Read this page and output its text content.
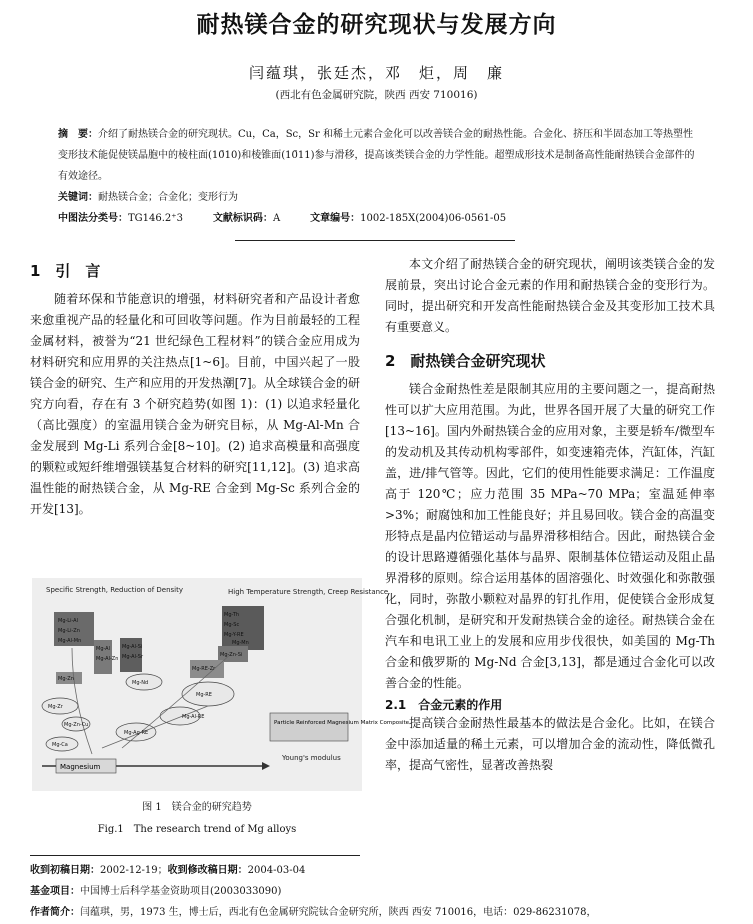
耐热镁合金的研究现状与发展方向
闫蕴琪，张廷杰，邓　炬，周　廉
(西北有色金属研究院，陕西 西安 710016)
摘　要：介绍了耐热镁合金的研究现状。Cu，Ca，Sc，Sr 和稀土元素合金化可以改善镁合金的耐热性能。合金化、挤压和半固态加工等热塑性变形技术能促使镁晶胞中的棱柱面(10̄10)和棱锥面(10̄11)参与滑移，提高该类镁合金的力学性能。超塑成形技术是制备高性能耐热镁合金部件的有效途径。
关键词：耐热镁合金；合金化；变形行为
中图法分类号：TG146.2⁺3	文献标识码：A	文章编号：1002-185X(2004)06-0561-05
1　引　言
随着环保和节能意识的增强，材料研究者和产品设计者愈来愈重视产品的轻量化和可回收等问题。作为目前最轻的工程金属材料，被誉为“21 世纪绿色工程材料”的镁合金应用成为材料研究和应用界的关注热点[1~6]。目前，中国兴起了一股镁合金的研究、生产和应用的开发热潮[7]。从全球镁合金的研究方向看，存在有 3 个研究趋势(如图 1)：(1) 以追求轻量化（高比强度）的室温用镁合金为研究目标，从 Mg-Al-Mn 合金发展到 Mg-Li 系列合金[8~10]。(2) 追求高模量和高强度的颗粒或短纤维增强镁基复合材料的研究[11,12]。(3) 追求高温性能的耐热镁合金，从 Mg-RE 合金到 Mg-Sc 系列合金的开发[13]。
Specific Strength, Reduction of Density	High Temperature Strength, Creep Resistance
Young's modulus
Magnesium
Particle Reinforced Magnesium Matrix Composite
Mg-Li-Al
Mg-Li-Zn
Mg-Al-Mn
Mg-Al
Mg-Al-Zn
Mg-Al-Si
Mg-Al-Sr
Mg-Zn
Mg-Zr
Mg-Zn-Cu
Mg-RE-Zr
Mg-Th
Mg-Sc
Mg-Y-RE
Mg-Zn-Si
Mg-RE
Mg-Al-RE
Mg-Ag-RE
Mg-Ca
Mg-Nd
Mg-Mn
图 1　镁合金的研究趋势
Fig.1　The research trend of Mg alloys
本文介绍了耐热镁合金的研究现状，阐明该类镁合金的发展前景，突出讨论合金元素的作用和耐热镁合金的变形行为。同时，提出研究和开发高性能耐热镁合金及其变形加工技术具有重要意义。
2　耐热镁合金研究现状
镁合金耐热性差是限制其应用的主要问题之一，提高耐热性可以扩大应用范围。为此，世界各国开展了大量的研究工作[13~16]。国内外耐热镁合金的应用对象，主要是轿车/微型车的发动机及其传动机构零部件，如变速箱壳体，汽缸体，汽缸盖，进/排气管等。因此，它们的使用性能要求满足：工作温度高于 120℃；应力范围 35 MPa~70 MPa；室温延伸率>3%；耐腐蚀和加工性能良好；并且易回收。镁合金的高温变形特点是晶内位错运动与晶界滑移相结合。因此，耐热镁合金的设计思路遵循强化基体与晶界、限制基体位错运动及阻止晶界滑移的原则。综合运用基体的固溶强化、时效强化和弥散强化，同时，弥散小颗粒对晶界的钉扎作用，促使镁合金形成复合强化机制，是研究和开发耐热镁合金的途径。耐热镁合金在汽车和电讯工业上的发展和应用步伐很快，如美国的 Mg-Th 合金和俄罗斯的 Mg-Nd 合金[3,13]，都是通过合金化可以改善合金的性能。
2.1　合金元素的作用
提高镁合金耐热性最基本的做法是合金化。比如，在镁合金中添加适量的稀土元素，可以增加合金的流动性，降低微孔率，提高气密性，显著改善热裂
收到初稿日期：2002-12-19；收到修改稿日期：2004-03-04
基金项目：中国博士后科学基金资助项目(2003033090)
作者简介：闫蕴琪，男，1973 生，博士后，西北有色金属研究院钛合金研究所，陕西 西安 710016，电话：029-86231078，
